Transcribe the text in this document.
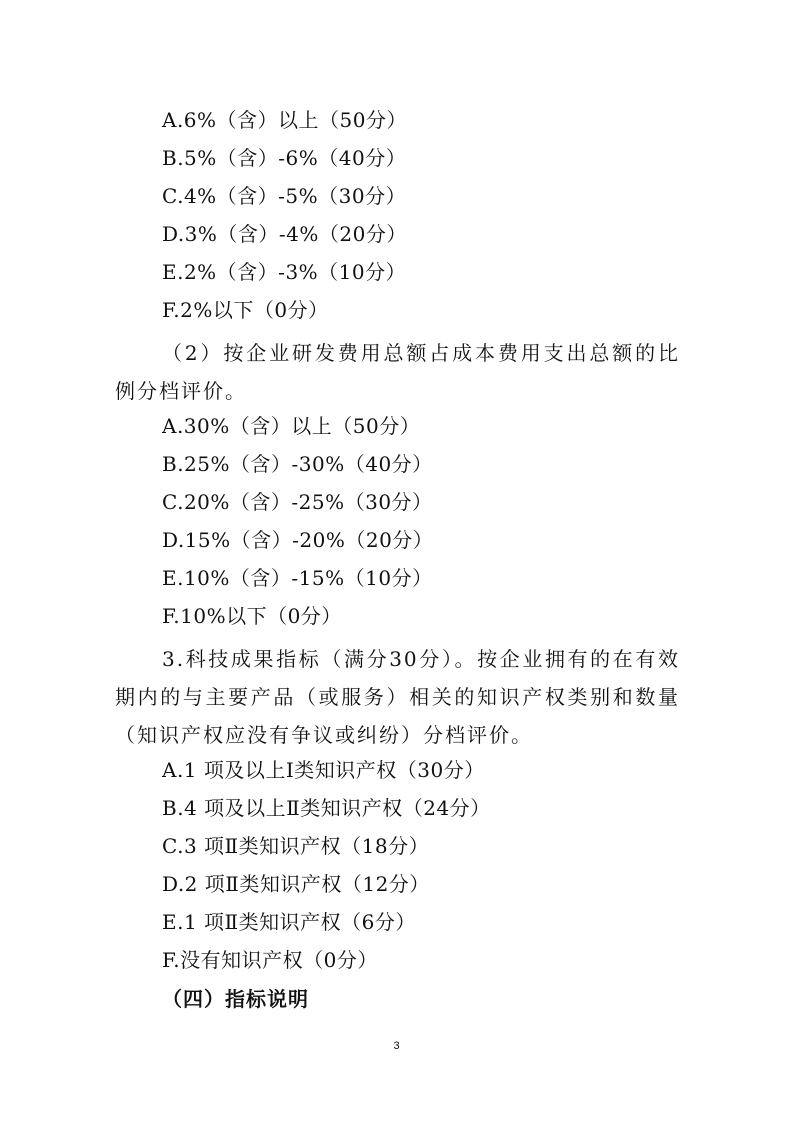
A.6%（含）以上（50分）
B.5%（含）-6%（40分）
C.4%（含）-5%（30分）
D.3%（含）-4%（20分）
E.2%（含）-3%（10分）
F.2%以下（0分）
（2）按企业研发费用总额占成本费用支出总额的比例分档评价。
A.30%（含）以上（50分）
B.25%（含）-30%（40分）
C.20%（含）-25%（30分）
D.15%（含）-20%（20分）
E.10%（含）-15%（10分）
F.10%以下（0分）
3.科技成果指标（满分30分）。按企业拥有的在有效期内的与主要产品（或服务）相关的知识产权类别和数量（知识产权应没有争议或纠纷）分档评价。
A.1 项及以上Ⅰ类知识产权（30分）
B.4 项及以上Ⅱ类知识产权（24分）
C.3 项Ⅱ类知识产权（18分）
D.2 项Ⅱ类知识产权（12分）
E.1 项Ⅱ类知识产权（6分）
F.没有知识产权（0分）
（四）指标说明
3
